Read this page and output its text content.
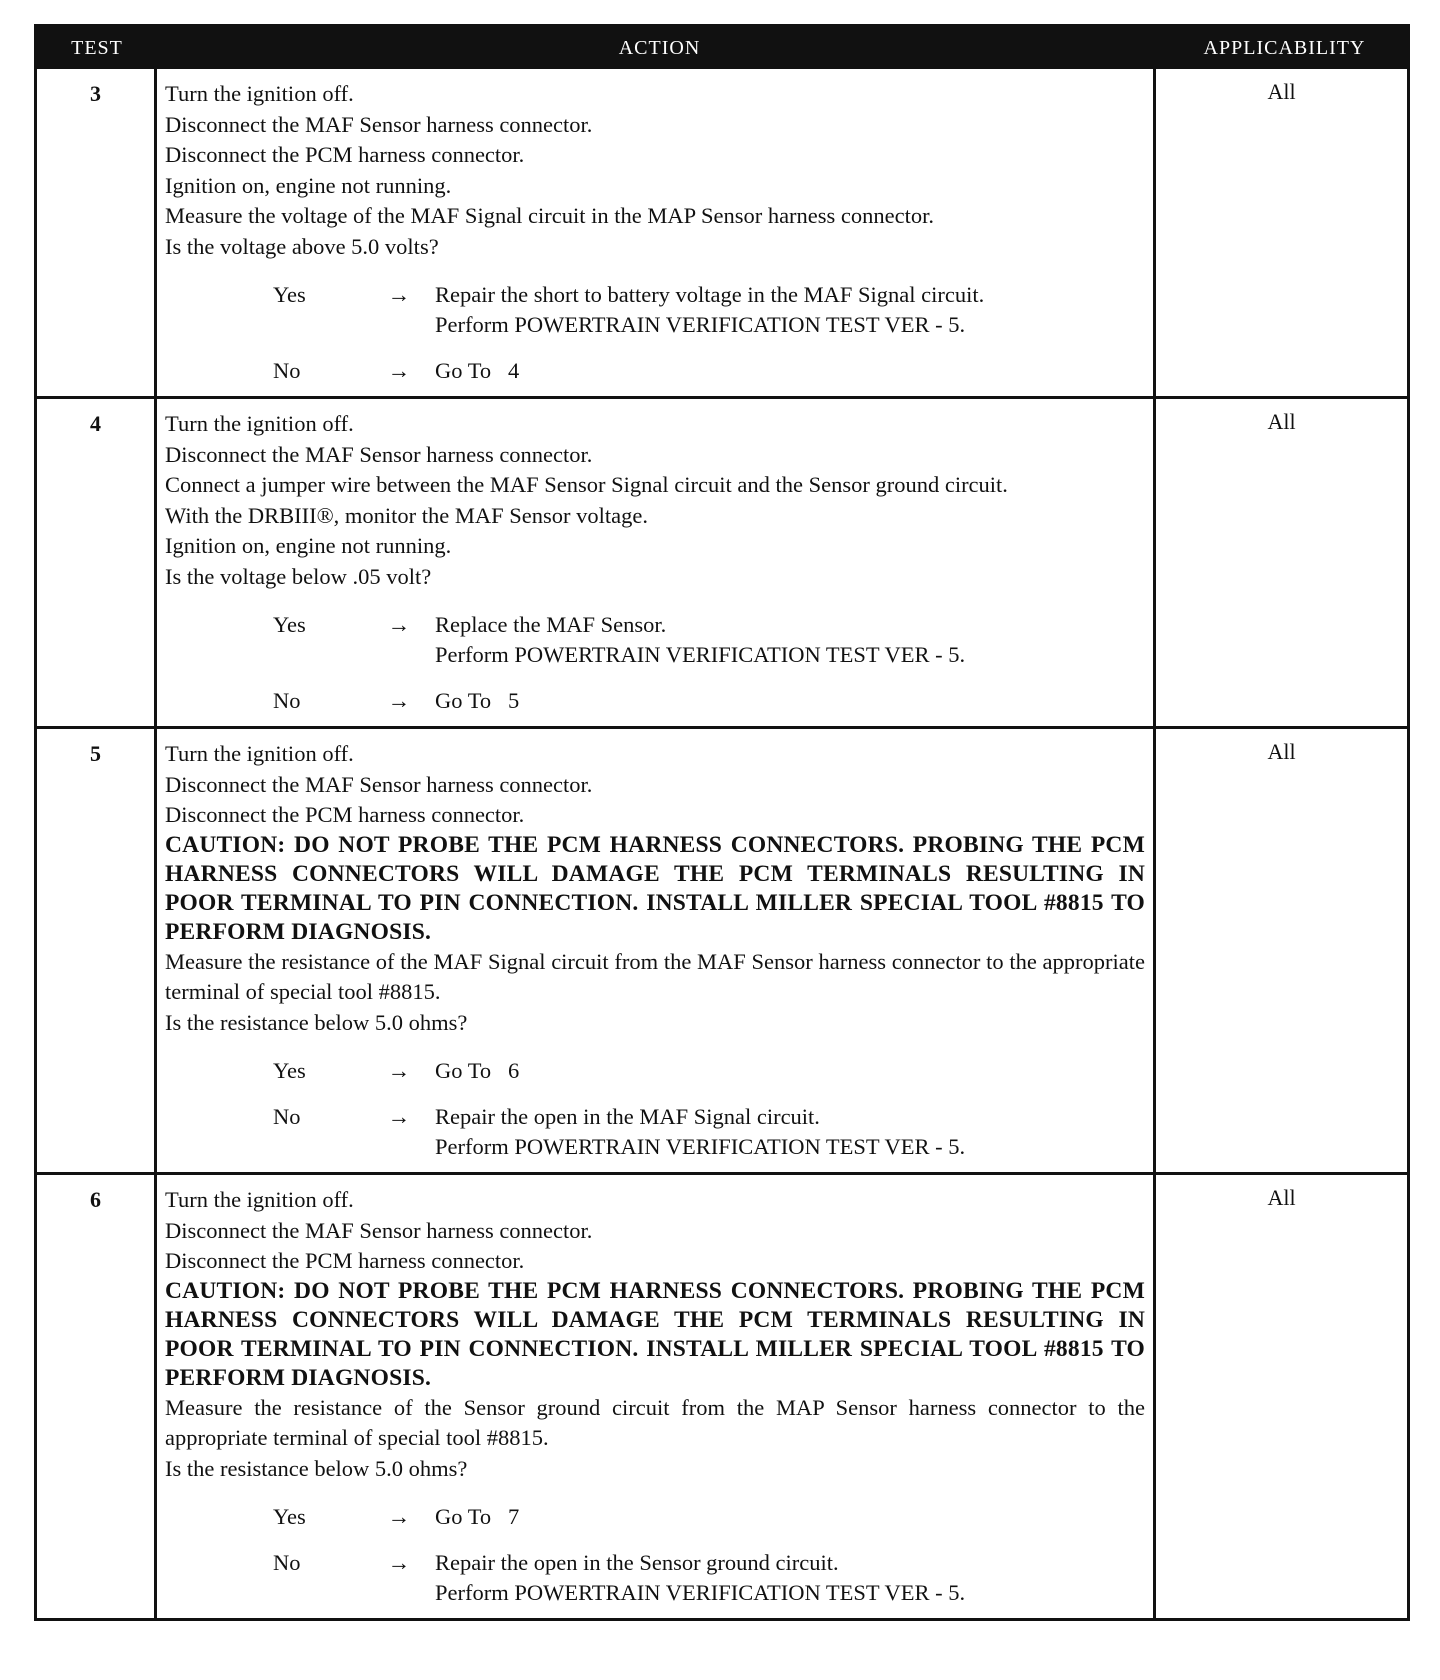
TEST	ACTION	APPLICABILITY
3	Turn the ignition off.
Disconnect the MAF Sensor harness connector.
Disconnect the PCM harness connector.
Ignition on, engine not running.
Measure the voltage of the MAF Signal circuit in the MAP Sensor harness connector.
Is the voltage above 5.0 volts?
Yes	→	Repair the short to battery voltage in the MAF Signal circuit.
Perform POWERTRAIN VERIFICATION TEST VER - 5.
No	→	Go To   4
All
4	Turn the ignition off.
Disconnect the MAF Sensor harness connector.
Connect a jumper wire between the MAF Sensor Signal circuit and the Sensor ground circuit.
With the DRBIII®, monitor the MAF Sensor voltage.
Ignition on, engine not running.
Is the voltage below .05 volt?
Yes	→	Replace the MAF Sensor.
Perform POWERTRAIN VERIFICATION TEST VER - 5.
No	→	Go To   5
All
5	Turn the ignition off.
Disconnect the MAF Sensor harness connector.
Disconnect the PCM harness connector.

CAUTION: DO NOT PROBE THE PCM HARNESS CONNECTORS. PROBING THE PCM HARNESS CONNECTORS WILL DAMAGE THE PCM TERMINALS RESULTING IN POOR TERMINAL TO PIN CONNECTION. INSTALL MILLER SPECIAL TOOL #8815 TO PERFORM DIAGNOSIS.

Measure the resistance of the MAF Signal circuit from the MAF Sensor harness connector to the appropriate terminal of special tool #8815.
Is the resistance below 5.0 ohms?
Yes	→	Go To   6
No	→	Repair the open in the MAF Signal circuit.
Perform POWERTRAIN VERIFICATION TEST VER - 5.
All
6	Turn the ignition off.
Disconnect the MAF Sensor harness connector.
Disconnect the PCM harness connector.

CAUTION: DO NOT PROBE THE PCM HARNESS CONNECTORS. PROBING THE PCM HARNESS CONNECTORS WILL DAMAGE THE PCM TERMINALS RESULTING IN POOR TERMINAL TO PIN CONNECTION. INSTALL MILLER SPECIAL TOOL #8815 TO PERFORM DIAGNOSIS.

Measure the resistance of the Sensor ground circuit from the MAP Sensor harness connector to the appropriate terminal of special tool #8815.
Is the resistance below 5.0 ohms?
Yes	→	Go To   7
No	→	Repair the open in the Sensor ground circuit.
Perform POWERTRAIN VERIFICATION TEST VER - 5.
All
